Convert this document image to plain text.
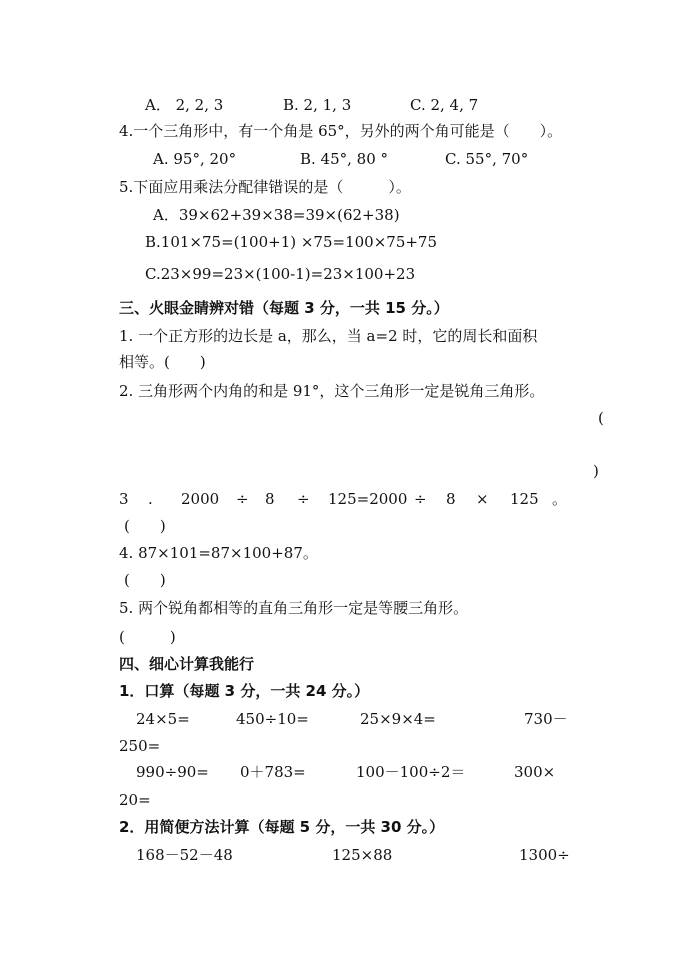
A． 2, 2, 3	B. 2, 1, 3	C. 2, 4, 7
4.一个三角形中，有一个角是 65°，另外的两个角可能是（　　）。
A. 95°, 20°	B. 45°, 80 °	C. 55°, 70°
5.下面应用乘法分配律错误的是（　　　）。
A．39×62+39×38=39×(62+38)
B.101×75=(100+1) ×75=100×75+75
C.23×99=23×(100-1)=23×100+23
三、火眼金睛辨对错（每题 3 分，一共 15 分。）
1. 一个正方形的边长是 a，那么，当 a=2 时，它的周长和面积
相等。(　　)
2. 三角形两个内角的和是 91°，这个三角形一定是锐角三角形。
(
)
3 . 2000 ÷ 8 ÷ 125=2000 ÷ 8 × 125 。
(　　)
4. 87×101=87×100+87。
(　　)
5. 两个锐角都相等的直角三角形一定是等腰三角形。
(　　　)
四、细心计算我能行
1．口算（每题 3 分，一共 24 分。）
24×5=	450÷10=	25×9×4=	730－
250=
990÷90= 0＋783=	100－100÷2＝	300×
20=
2．用简便方法计算（每题 5 分，一共 30 分。）
168－52－48	125×88	1300÷
